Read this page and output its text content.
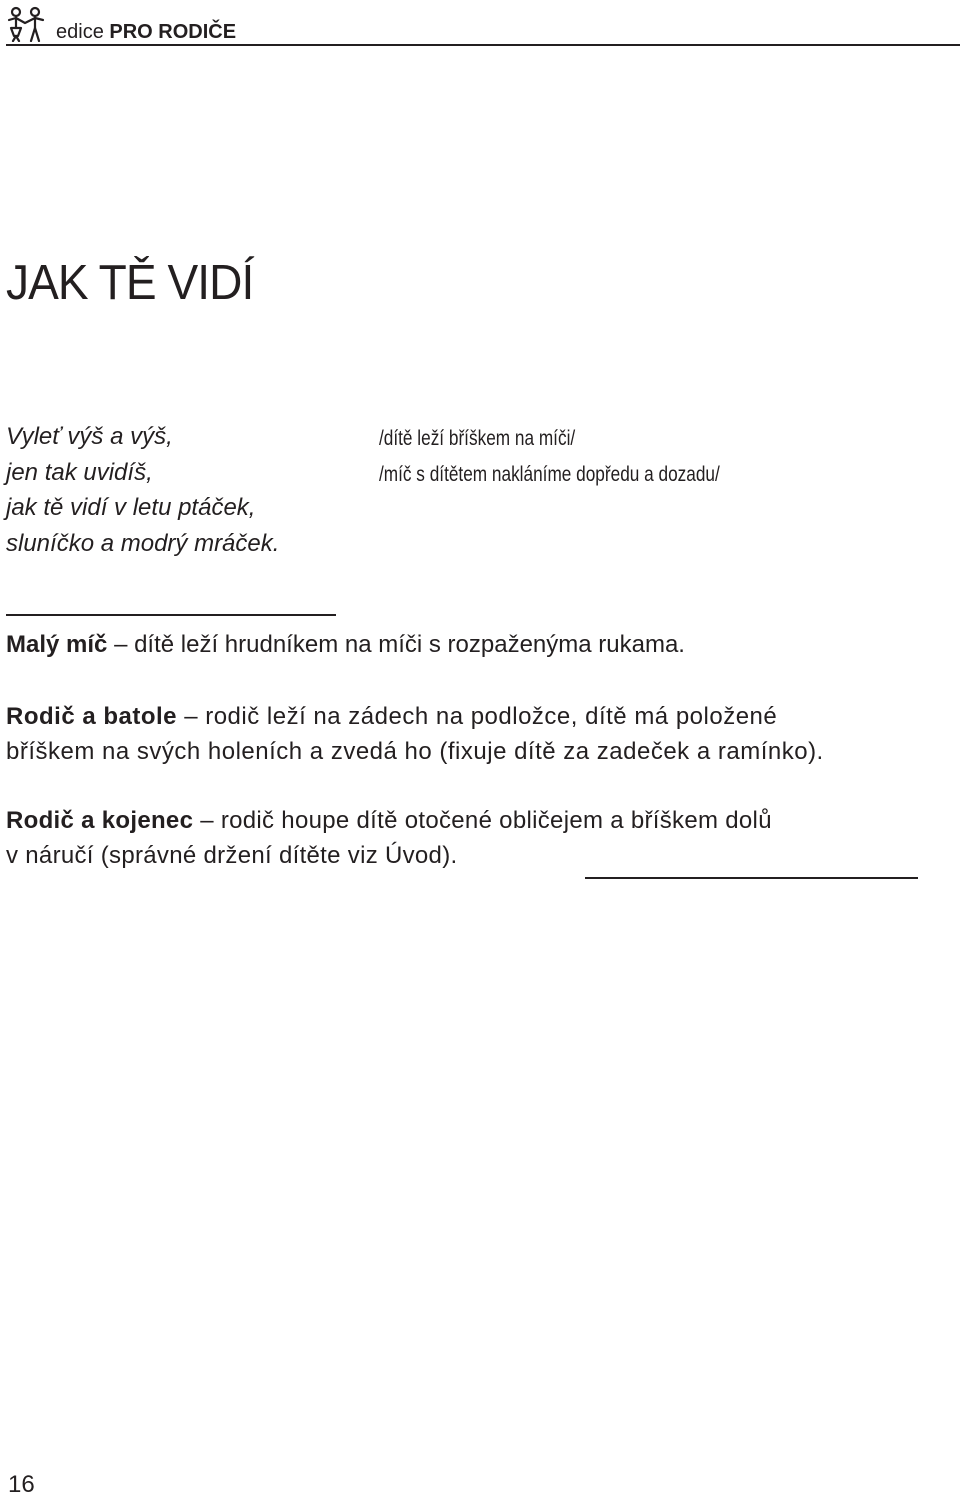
edice PRO RODIČE
JAK TĚ VIDÍ
Vyleť výš a výš,
jen tak uvidíš,
jak tě vidí v letu ptáček,
sluníčko a modrý mráček.
/dítě leží bříškem na míči/
/míč s dítětem nakláníme dopředu a dozadu/
Malý míč – dítě leží hrudníkem na míči s rozpaženýma rukama.
Rodič a batole – rodič leží na zádech na podložce, dítě má položené
bříškem na svých holeních a zvedá ho (fixuje dítě za zadeček a ramínko).
Rodič a kojenec – rodič houpe dítě otočené obličejem a bříškem dolů
v náručí (správné držení dítěte viz Úvod).
16
